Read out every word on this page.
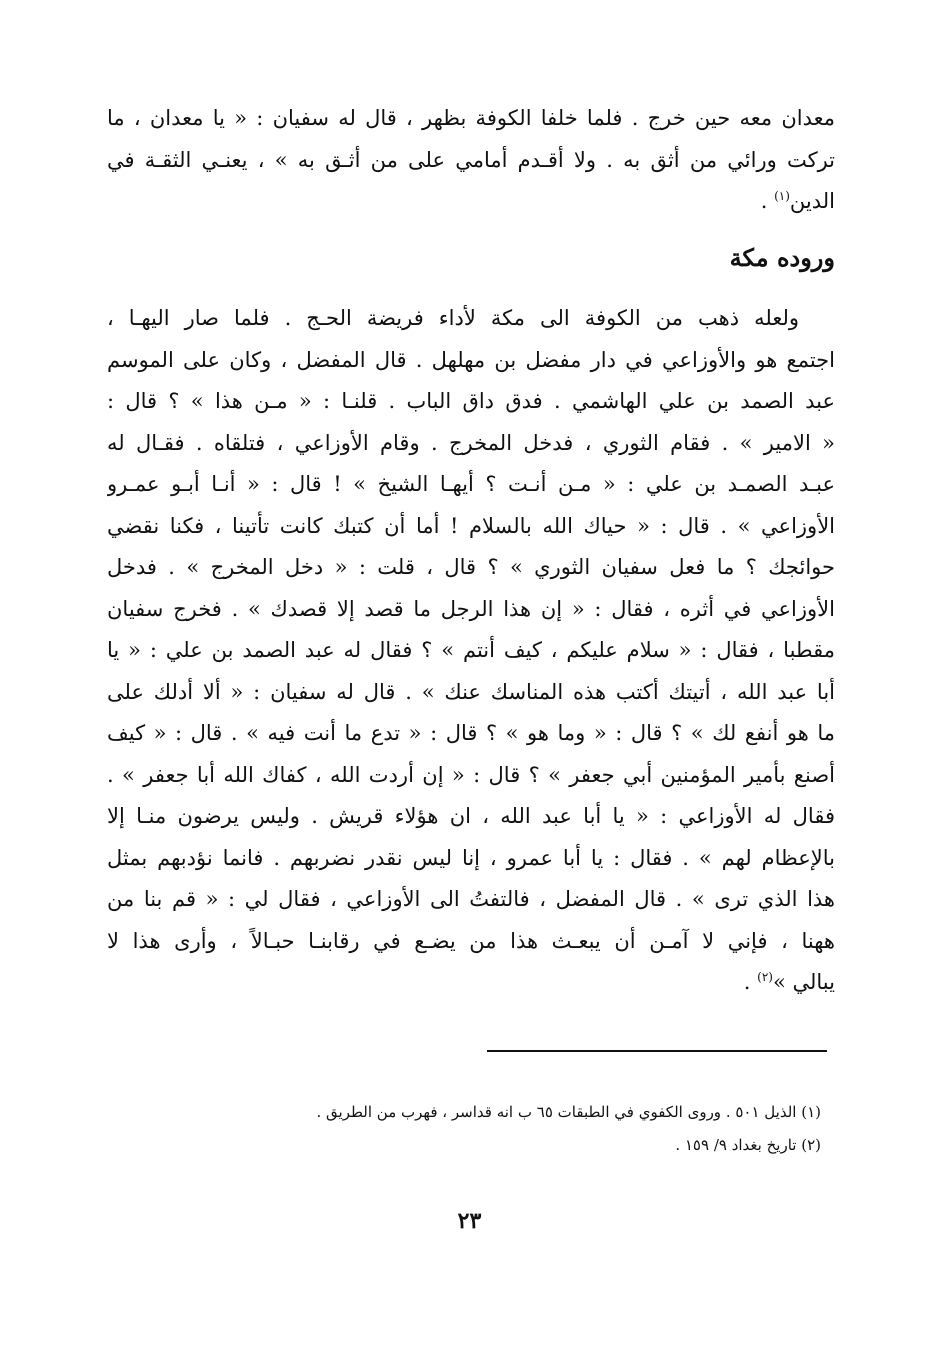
معدان معه حين خرج . فلما خلفا الكوفة بظهر ، قال له سفيان : « يا معدان ، ما
تركت ورائي من أثق به . ولا أقـدم أمامي على من أثـق به » ، يعنـي الثقـة في
الدين$^{(١)}$ .
وروده مكة
ولعله ذهب من الكوفة الى مكة لأداء فريضة الحـج . فلما صار اليهـا ،
اجتمع هو والأوزاعي في دار مفضل بن مهلهل . قال المفضل ، وكان على الموسم
عبد الصمد بن علي الهاشمي . فدق داق الباب . قلنـا : « مـن هذا » ؟ قال :
« الامير » . فقام الثوري ، فدخل المخرج . وقام الأوزاعي ، فتلقاه . فقـال له
عبـد الصمـد بن علي : « مـن أنـت ؟ أيهـا الشيخ » ! قال : « أنـا أبـو عمـرو
الأوزاعي » . قال : « حياك الله بالسلام ! أما أن كتبك كانت تأتينا ، فكنا نقضي
حوائجك ؟ ما فعل سفيان الثوري » ؟ قال ، قلت : « دخل المخرج » . فدخل
الأوزاعي في أثره ، فقال : « إن هذا الرجل ما قصد إلا قصدك » . فخرج سفيان
مقطبا ، فقال : « سلام عليكم ، كيف أنتم » ؟ فقال له عبد الصمد بن علي : « يا
أبا عبد الله ، أتيتك أكتب هذه المناسك عنك » . قال له سفيان : « ألا أدلك على
ما هو أنفع لك » ؟ قال : « وما هو » ؟ قال : « تدع ما أنت فيه » . قال : « كيف
أصنع بأمير المؤمنين أبي جعفر » ؟ قال : « إن أردت الله ، كفاك الله أبا جعفر » .
فقال له الأوزاعي : « يا أبا عبد الله ، ان هؤلاء قريش . وليس يرضون منـا إلا
بالإعظام لهم » . فقال : يا أبا عمرو ، إنا ليس نقدر نضربهم . فانما نؤدبهم بمثل
هذا الذي ترى » . قال المفضل ، فالتفتُ الى الأوزاعي ، فقال لي : « قم بنا من
ههنا ، فإني لا آمـن أن يبعـث هذا من يضـع في رقابنـا حبـالاً ، وأرى هذا لا
يبالي »$^{(٢)}$ .
(١) الذيل ٥٠١ . وروى الكفوي في الطبقات ٦٥ ب انه قداسر ، فهرب من الطريق .
(٢) تاريخ بغداد ٩/ ١٥٩ .
٢٣
